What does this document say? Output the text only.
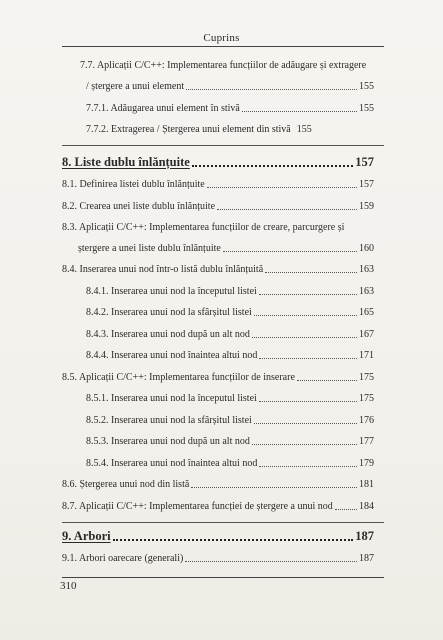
Cuprins
7.7. Aplicații C/C++: Implementarea funcțiilor de adăugare și extragere
/ ștergere a unui element	155
7.7.1. Adăugarea unui element în stivă	155
7.7.2. Extragerea / Ștergerea unui element din stivă 155
8. Liste dublu înlănțuite	157
8.1. Definirea listei dublu înlănțuite	157
8.2. Crearea unei liste dublu înlănțuite	159
8.3. Aplicații C/C++: Implementarea funcțiilor de creare, parcurgere și
ștergere a unei liste dublu înlănțuite	160
8.4. Inserarea unui nod într-o listă dublu înlănțuită	163
8.4.1. Inserarea unui nod la începutul listei	163
8.4.2. Inserarea unui nod la sfârșitul listei	165
8.4.3. Inserarea unui nod după un alt nod	167
8.4.4. Inserarea unui nod înaintea altui nod	171
8.5. Aplicații C/C++: Implementarea funcțiilor de inserare	175
8.5.1. Inserarea unui nod la începutul listei	175
8.5.2. Inserarea unui nod la sfârșitul listei	176
8.5.3. Inserarea unui nod după un alt nod	177
8.5.4. Inserarea unui nod înaintea altui nod	179
8.6. Ștergerea unui nod din listă	181
8.7. Aplicații C/C++: Implementarea funcției de ștergere a unui nod	184
9. Arbori	187
9.1. Arbori oarecare (generali)	187
310
